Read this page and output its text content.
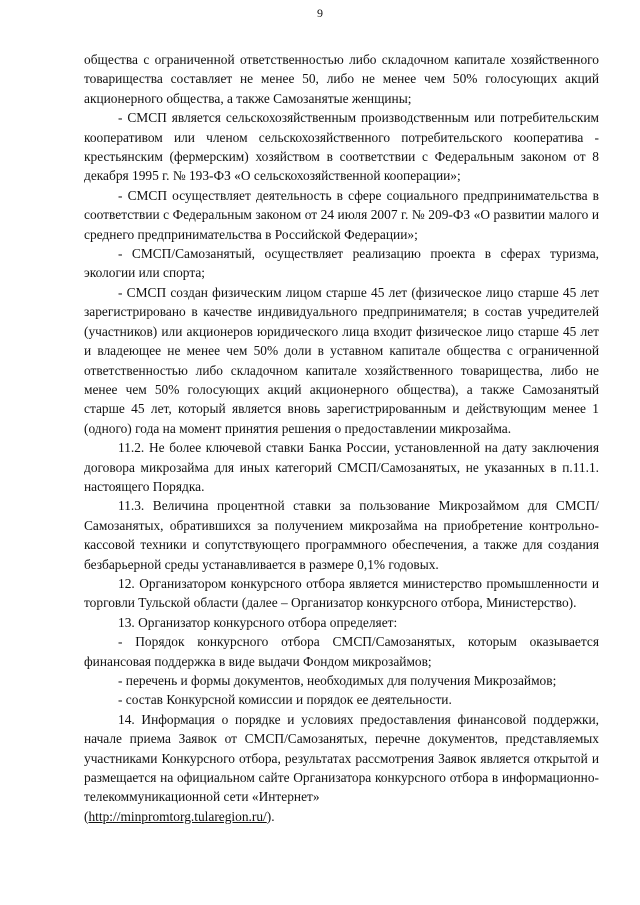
9

общества с ограниченной ответственностью либо складочном капитале хозяйственного товарищества составляет не менее 50, либо не менее чем 50% голосующих акций акционерного общества, а также Самозанятые женщины;

- СМСП является сельскохозяйственным производственным или потребительским кооперативом или членом сельскохозяйственного потребительского кооператива - крестьянским (фермерским) хозяйством в соответствии с Федеральным законом от 8 декабря 1995 г. № 193-ФЗ «О сельскохозяйственной кооперации»;

- СМСП осуществляет деятельность в сфере социального предпринимательства в соответствии с Федеральным законом от 24 июля 2007 г. № 209-ФЗ «О развитии малого и среднего предпринимательства в Российской Федерации»;

- СМСП/Самозанятый, осуществляет реализацию проекта в сферах туризма, экологии или спорта;

- СМСП создан физическим лицом старше 45 лет (физическое лицо старше 45 лет зарегистрировано в качестве индивидуального предпринимателя; в состав учредителей (участников) или акционеров юридического лица входит физическое лицо старше 45 лет и владеющее не менее чем 50% доли в уставном капитале общества с ограниченной ответственностью либо складочном капитале хозяйственного товарищества, либо не менее чем 50% голосующих акций акционерного общества), а также Самозанятый старше 45 лет, который является вновь зарегистрированным и действующим менее 1 (одного) года на момент принятия решения о предоставлении микрозайма.

11.2. Не более ключевой ставки Банка России, установленной на дату заключения договора микрозайма для иных категорий СМСП/Самозанятых, не указанных в п.11.1. настоящего Порядка.

11.3. Величина процентной ставки за пользование Микрозаймом для СМСП/Самозанятых, обратившихся за получением микрозайма на приобретение контрольно-кассовой техники и сопутствующего программного обеспечения, а также для создания безбарьерной среды устанавливается в размере 0,1% годовых.

12. Организатором конкурсного отбора является министерство промышленности и торговли Тульской области (далее – Организатор конкурсного отбора, Министерство).

13. Организатор конкурсного отбора определяет:

- Порядок конкурсного отбора СМСП/Самозанятых, которым оказывается финансовая поддержка в виде выдачи Фондом микрозаймов;

- перечень и формы документов, необходимых для получения Микрозаймов;

- состав Конкурсной комиссии и порядок ее деятельности.

14. Информация о порядке и условиях предоставления финансовой поддержки, начале приема Заявок от СМСП/Самозанятых, перечне документов, представляемых участниками Конкурсного отбора, результатах рассмотрения Заявок является открытой и размещается на официальном сайте Организатора конкурсного отбора в информационно-телекоммуникационной сети «Интернет»

(http://minpromtorg.tularegion.ru/).
